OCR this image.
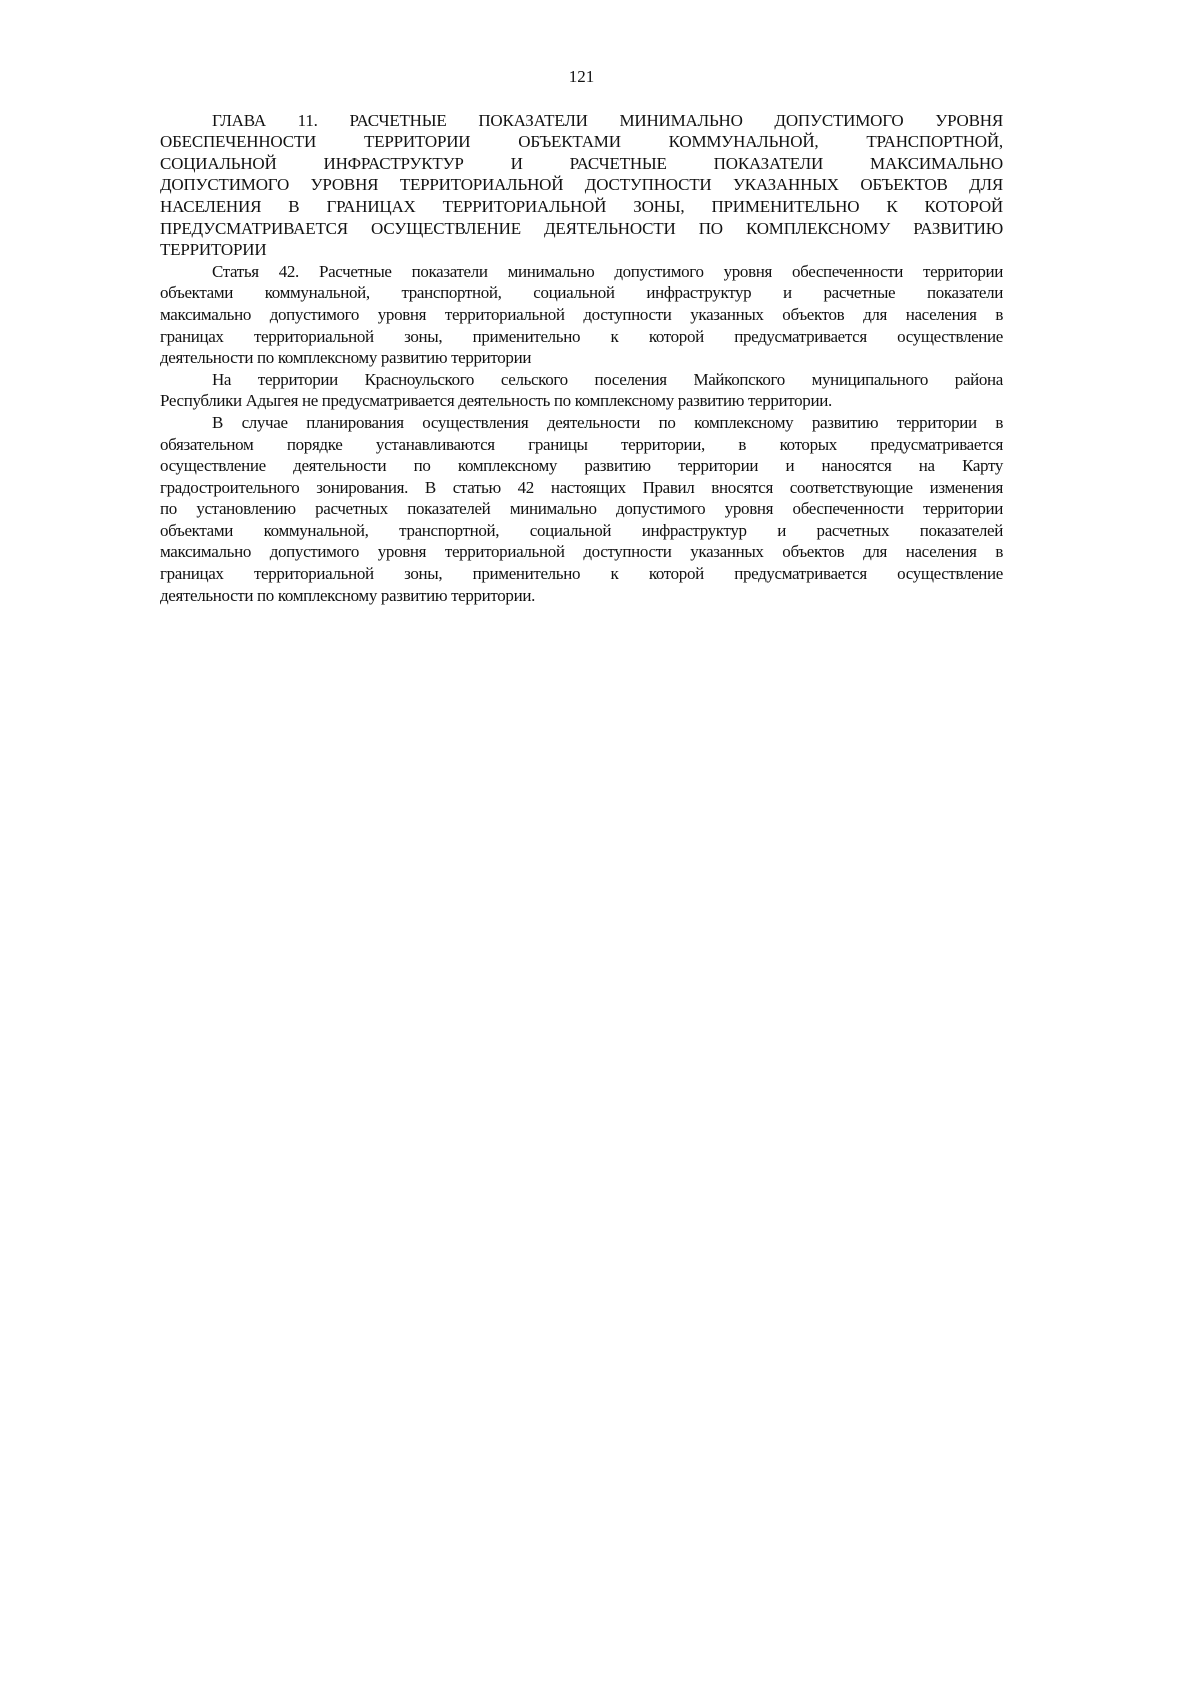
121
ГЛАВА 11. РАСЧЕТНЫЕ ПОКАЗАТЕЛИ МИНИМАЛЬНО ДОПУСТИМОГО УРОВНЯ
ОБЕСПЕЧЕННОСТИ ТЕРРИТОРИИ ОБЪЕКТАМИ КОММУНАЛЬНОЙ, ТРАНСПОРТНОЙ,
СОЦИАЛЬНОЙ ИНФРАСТРУКТУР И РАСЧЕТНЫЕ ПОКАЗАТЕЛИ МАКСИМАЛЬНО
ДОПУСТИМОГО УРОВНЯ ТЕРРИТОРИАЛЬНОЙ ДОСТУПНОСТИ УКАЗАННЫХ ОБЪЕКТОВ ДЛЯ
НАСЕЛЕНИЯ В ГРАНИЦАХ ТЕРРИТОРИАЛЬНОЙ ЗОНЫ, ПРИМЕНИТЕЛЬНО К КОТОРОЙ
ПРЕДУСМАТРИВАЕТСЯ ОСУЩЕСТВЛЕНИЕ ДЕЯТЕЛЬНОСТИ ПО КОМПЛЕКСНОМУ РАЗВИТИЮ
ТЕРРИТОРИИ
Статья 42. Расчетные показатели минимально допустимого уровня обеспеченности территории
объектами коммунальной, транспортной, социальной инфраструктур и расчетные показатели
максимально допустимого уровня территориальной доступности указанных объектов для населения в
границах территориальной зоны, применительно к которой предусматривается осуществление
деятельности по комплексному развитию территории
На территории Красноульского сельского поселения Майкопского муниципального района
Республики Адыгея не предусматривается деятельность по комплексному развитию территории.
В случае планирования осуществления деятельности по комплексному развитию территории в
обязательном порядке устанавливаются границы территории, в которых предусматривается
осуществление деятельности по комплексному развитию территории и наносятся на Карту
градостроительного зонирования. В статью 42 настоящих Правил вносятся соответствующие изменения
по установлению расчетных показателей минимально допустимого уровня обеспеченности территории
объектами коммунальной, транспортной, социальной инфраструктур и расчетных показателей
максимально допустимого уровня территориальной доступности указанных объектов для населения в
границах территориальной зоны, применительно к которой предусматривается осуществление
деятельности по комплексному развитию территории.
